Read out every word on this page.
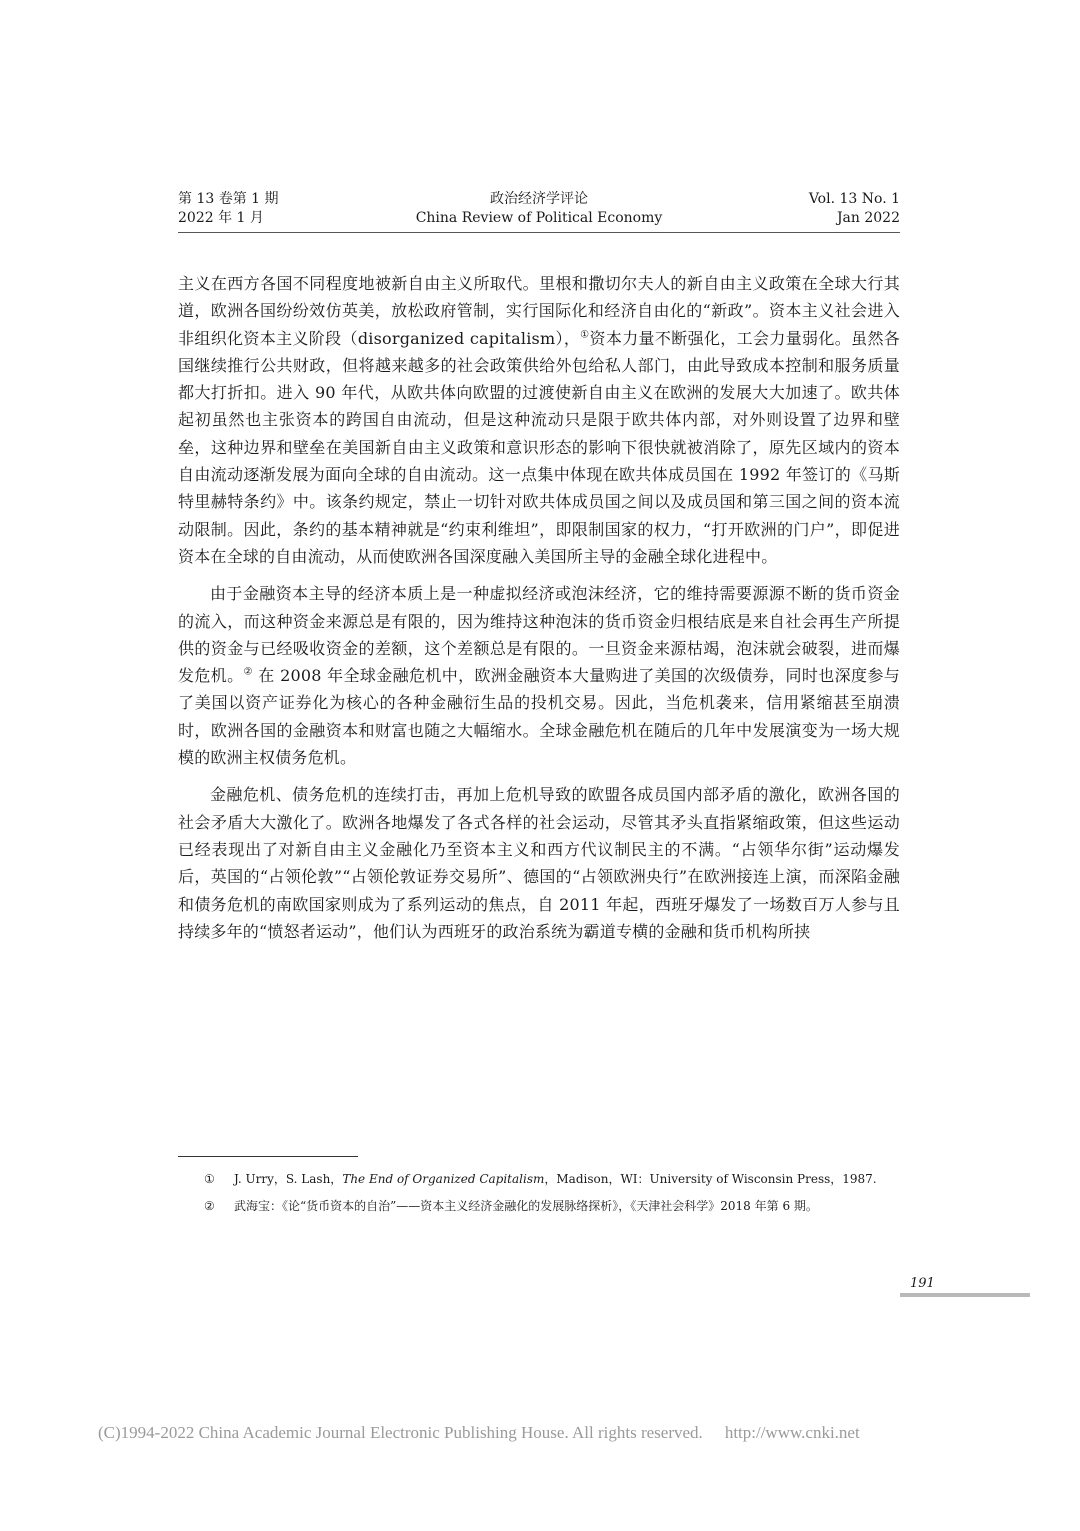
第 13 卷第 1 期
2022 年 1 月
政治经济学评论
China Review of Political Economy
Vol. 13 No. 1
Jan 2022

主义在西方各国不同程度地被新自由主义所取代。里根和撒切尔夫人的新自由主义政策在全球大行其道，欧洲各国纷纷效仿英美，放松政府管制，实行国际化和经济自由化的“新政”。资本主义社会进入非组织化资本主义阶段（disorganized capitalism），①资本力量不断强化，工会力量弱化。虽然各国继续推行公共财政，但将越来越多的社会政策供给外包给私人部门，由此导致成本控制和服务质量都大打折扣。进入 90 年代，从欧共体向欧盟的过渡使新自由主义在欧洲的发展大大加速了。欧共体起初虽然也主张资本的跨国自由流动，但是这种流动只是限于欧共体内部，对外则设置了边界和壁垒，这种边界和壁垒在美国新自由主义政策和意识形态的影响下很快就被消除了，原先区域内的资本自由流动逐渐发展为面向全球的自由流动。这一点集中体现在欧共体成员国在 1992 年签订的《马斯特里赫特条约》中。该条约规定，禁止一切针对欧共体成员国之间以及成员国和第三国之间的资本流动限制。因此，条约的基本精神就是“约束利维坦”，即限制国家的权力，“打开欧洲的门户”，即促进资本在全球的自由流动，从而使欧洲各国深度融入美国所主导的金融全球化进程中。

由于金融资本主导的经济本质上是一种虚拟经济或泡沫经济，它的维持需要源源不断的货币资金的流入，而这种资金来源总是有限的，因为维持这种泡沫的货币资金归根结底是来自社会再生产所提供的资金与已经吸收资金的差额，这个差额总是有限的。一旦资金来源枯竭，泡沫就会破裂，进而爆发危机。② 在 2008 年全球金融危机中，欧洲金融资本大量购进了美国的次级债券，同时也深度参与了美国以资产证券化为核心的各种金融衍生品的投机交易。因此，当危机袭来，信用紧缩甚至崩溃时，欧洲各国的金融资本和财富也随之大幅缩水。全球金融危机在随后的几年中发展演变为一场大规模的欧洲主权债务危机。

金融危机、债务危机的连续打击，再加上危机导致的欧盟各成员国内部矛盾的激化，欧洲各国的社会矛盾大大激化了。欧洲各地爆发了各式各样的社会运动，尽管其矛头直指紧缩政策，但这些运动已经表现出了对新自由主义金融化乃至资本主义和西方代议制民主的不满。“占领华尔街”运动爆发后，英国的“占领伦敦”“占领伦敦证券交易所”、德国的“占领欧洲央行”在欧洲接连上演，而深陷金融和债务危机的南欧国家则成为了系列运动的焦点，自 2011 年起，西班牙爆发了一场数百万人参与且持续多年的“愤怒者运动”，他们认为西班牙的政治系统为霸道专横的金融和货币机构所挟

①	J. Urry，S. Lash，The End of Organized Capitalism，Madison，WI：University of Wisconsin Press，1987.
②	武海宝：《论“货币资本的自治”——资本主义经济金融化的发展脉络探析》，《天津社会科学》2018 年第 6 期。
191
(C)1994-2022 China Academic Journal Electronic Publishing House. All rights reserved. http://www.cnki.net
